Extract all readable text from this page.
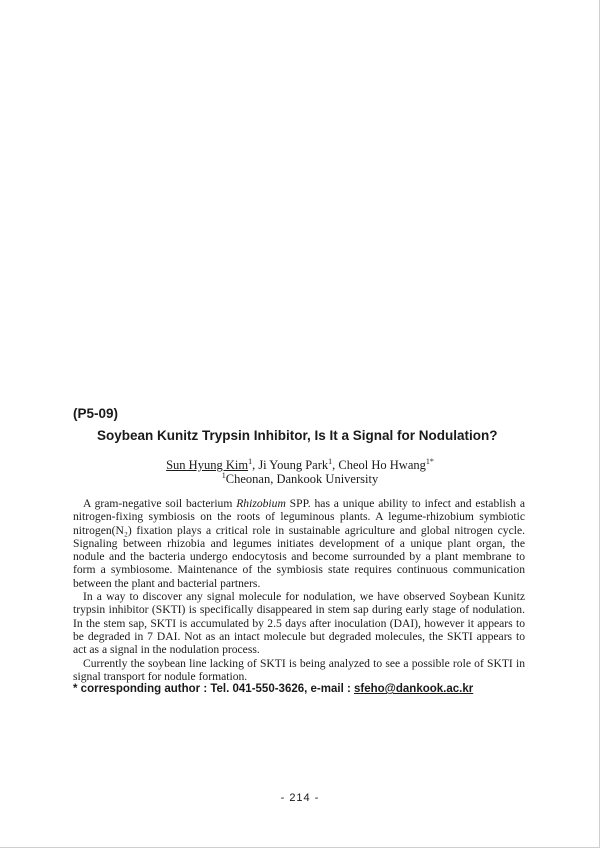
(P5-09)
Soybean Kunitz Trypsin Inhibitor, Is It a Signal for Nodulation?
Sun Hyung Kim$^1$, Ji Young Park$^1$, Cheol Ho Hwang$^{1*}$
$^1$Cheonan, Dankook University

A gram-negative soil bacterium Rhizobium SPP. has a unique ability to infect and establish a nitrogen-fixing symbiosis on the roots of leguminous plants. A legume-rhizobium symbiotic nitrogen(N₂) fixation plays a critical role in sustainable agriculture and global nitrogen cycle. Signaling between rhizobia and legumes initiates development of a unique plant organ, the nodule and the bacteria undergo endocytosis and become surrounded by a plant membrane to form a symbiosome. Maintenance of the symbiosis state requires continuous communication between the plant and bacterial partners.

In a way to discover any signal molecule for nodulation, we have observed Soybean Kunitz trypsin inhibitor (SKTI) is specifically disappeared in stem sap during early stage of nodulation. In the stem sap, SKTI is accumulated by 2.5 days after inoculation (DAI), however it appears to be degraded in 7 DAI. Not as an intact molecule but degraded molecules, the SKTI appears to act as a signal in the nodulation process.

Currently the soybean line lacking of SKTI is being analyzed to see a possible role of SKTI in signal transport for nodule formation.

* corresponding author : Tel. 041-550-3626, e-mail : sfeho@dankook.ac.kr
- 214 -
